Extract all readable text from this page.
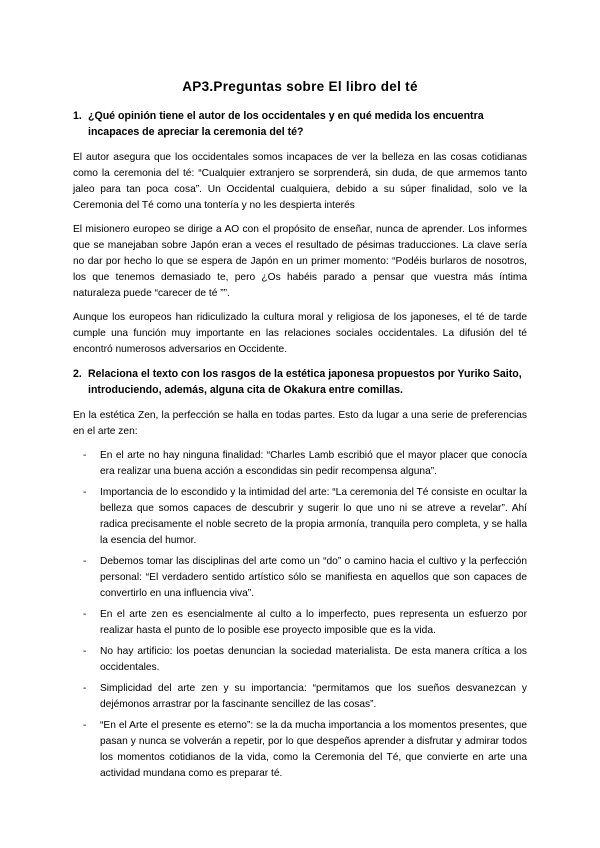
AP3.Preguntas sobre El libro del té
1. ¿Qué opinión tiene el autor de los occidentales y en qué medida los encuentra incapaces de apreciar la ceremonia del té?

El autor asegura que los occidentales somos incapaces de ver la belleza en las cosas cotidianas como la ceremonia del té: “Cualquier extranjero se sorprenderá, sin duda, de que armemos tanto jaleo para tan poca cosa”. Un Occidental cualquiera, debido a su súper finalidad, solo ve la Ceremonia del Té como una tontería y no les despierta interés

El misionero europeo se dirige a AO con el propósito de enseñar, nunca de aprender. Los informes que se manejaban sobre Japón eran a veces el resultado de pésimas traducciones. La clave sería no dar por hecho lo que se espera de Japón en un primer momento: “Podéis burlaros de nosotros, los que tenemos demasiado te, pero ¿Os habéis parado a pensar que vuestra más íntima naturaleza puede “carecer de té ””.

Aunque los europeos han ridiculizado la cultura moral y religiosa de los japoneses, el té de tarde cumple una función muy importante en las relaciones sociales occidentales. La difusión del té encontró numerosos adversarios en Occidente.

2. Relaciona el texto con los rasgos de la estética japonesa propuestos por Yuriko Saito, introduciendo, además, alguna cita de Okakura entre comillas.

En la estética Zen, la perfección se halla en todas partes. Esto da lugar a una serie de preferencias en el arte zen:

-	En el arte no hay ninguna finalidad: “Charles Lamb escribió que el mayor placer que conocía era realizar una buena acción a escondidas sin pedir recompensa alguna”.
-	Importancia de lo escondido y la intimidad del arte: “La ceremonia del Té consiste en ocultar la belleza que somos capaces de descubrir y sugerir lo que uno ni se atreve a revelar”. Ahí radica precisamente el noble secreto de la propia armonía, tranquila pero completa, y se halla la esencia del humor.
-	Debemos tomar las disciplinas del arte como un “do” o camino hacia el cultivo y la perfección personal: “El verdadero sentido artístico sólo se manifiesta en aquellos que son capaces de convertirlo en una influencia viva”.
-	En el arte zen es esencialmente al culto a lo imperfecto, pues representa un esfuerzo por realizar hasta el punto de lo posible ese proyecto imposible que es la vida.
-	No hay artificio: los poetas denuncian la sociedad materialista. De esta manera crítica a los occidentales.
-	Simplicidad del arte zen y su importancia: “permitamos que los sueños desvanezcan y dejémonos arrastrar por la fascinante sencillez de las cosas”.
-	“En el Arte el presente es eterno”: se la da mucha importancia a los momentos presentes, que pasan y nunca se volverán a repetir, por lo que despeños aprender a disfrutar y admirar todos los momentos cotidianos de la vida, como la Ceremonia del Té, que convierte en arte una actividad mundana como es preparar té.
